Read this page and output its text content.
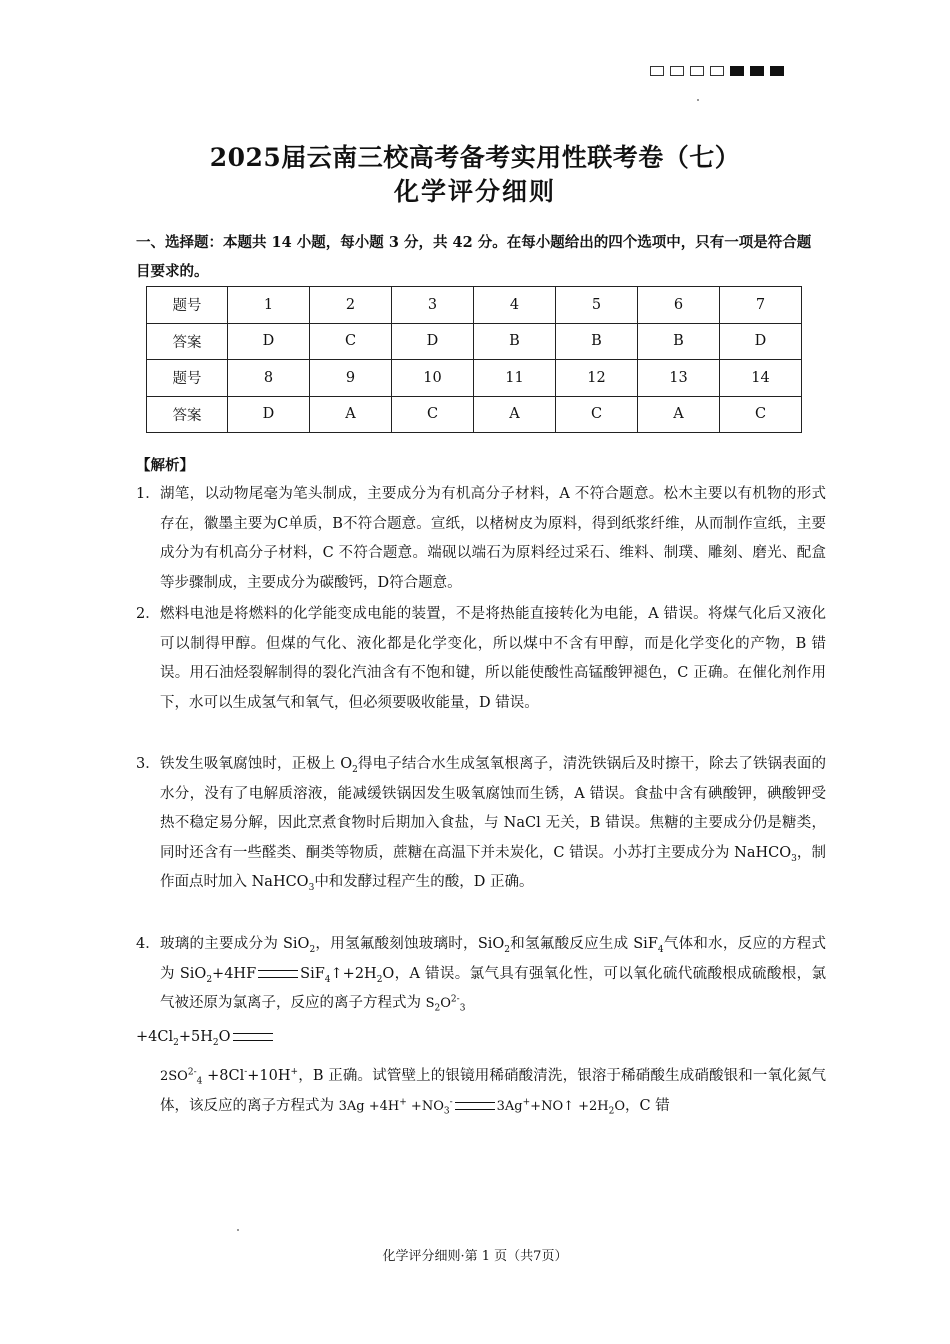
2025届云南三校高考备考实用性联考卷（七）
化学评分细则
一、选择题：本题共 14 小题，每小题 3 分，共 42 分。在每小题给出的四个选项中，只有一项是符合题目要求的。
题号	1	2	3	4	5	6	7
答案	D	C	D	B	B	B	D
题号	8	9	10	11	12	13	14
答案	D	A	C	A	C	A	C
【解析】
1． 湖笔，以动物尾毫为笔头制成，主要成分为有机高分子材料，A 不符合题意。松木主要以有机物的形式存在，徽墨主要为C单质，B不符合题意。宣纸，以楮树皮为原料，得到纸浆纤维，从而制作宣纸，主要成分为有机高分子材料，C 不符合题意。端砚以端石为原料经过采石、维料、制璞、雕刻、磨光、配盒等步骤制成，主要成分为碳酸钙，D符合题意。

2． 燃料电池是将燃料的化学能变成电能的装置，不是将热能直接转化为电能，A 错误。将煤气化后又液化可以制得甲醇。但煤的气化、液化都是化学变化，所以煤中不含有甲醇，而是化学变化的产物，B 错误。用石油烃裂解制得的裂化汽油含有不饱和键，所以能使酸性高锰酸钾褪色，C 正确。在催化剂作用下，水可以生成氢气和氧气，但必须要吸收能量，D 错误。

3． 铁发生吸氧腐蚀时，正极上 $O_2$得电子结合水生成氢氧根离子，清洗铁锅后及时擦干，除去了铁锅表面的水分，没有了电解质溶液，能减缓铁锅因发生吸氧腐蚀而生锈，A 错误。食盐中含有碘酸钾，碘酸钾受热不稳定易分解，因此烹煮食物时后期加入食盐，与 NaCl 无关，B 错误。焦糖的主要成分仍是糖类，同时还含有一些醛类、酮类等物质，蔗糖在高温下并未炭化，C 错误。小苏打主要成分为 NaHCO$_3$，制作面点时加入 NaHCO$_3$中和发酵过程产生的酸，D 正确。

4． 玻璃的主要成分为 SiO$_2$，用氢氟酸刻蚀玻璃时，SiO$_2$和氢氟酸反应生成 SiF$_4$气体和水，反应的方程式为 SiO$_2$+4HF	$SiF_4↑+2H_2O$，A 错误。氯气具有强氧化性，可以氧化硫代硫酸根成硫酸根，氯气被还原为氯离子，反应的离子方程式为 $S_2O^{2-}_3$

$+4Cl_2+5H_2O$

$2SO^{2-}_4 +8Cl^-+10H^+$，B 正确。试管壁上的银镜用稀硝酸清洗，银溶于稀硝酸生成硝酸银和一氧化氮气体，该反应的离子方程式为 $3Ag +4H^+ +NO_3^-$	3Ag++NO↑ $+2H_2O$，C 错

化学评分细则·第 1 页（共7页）
